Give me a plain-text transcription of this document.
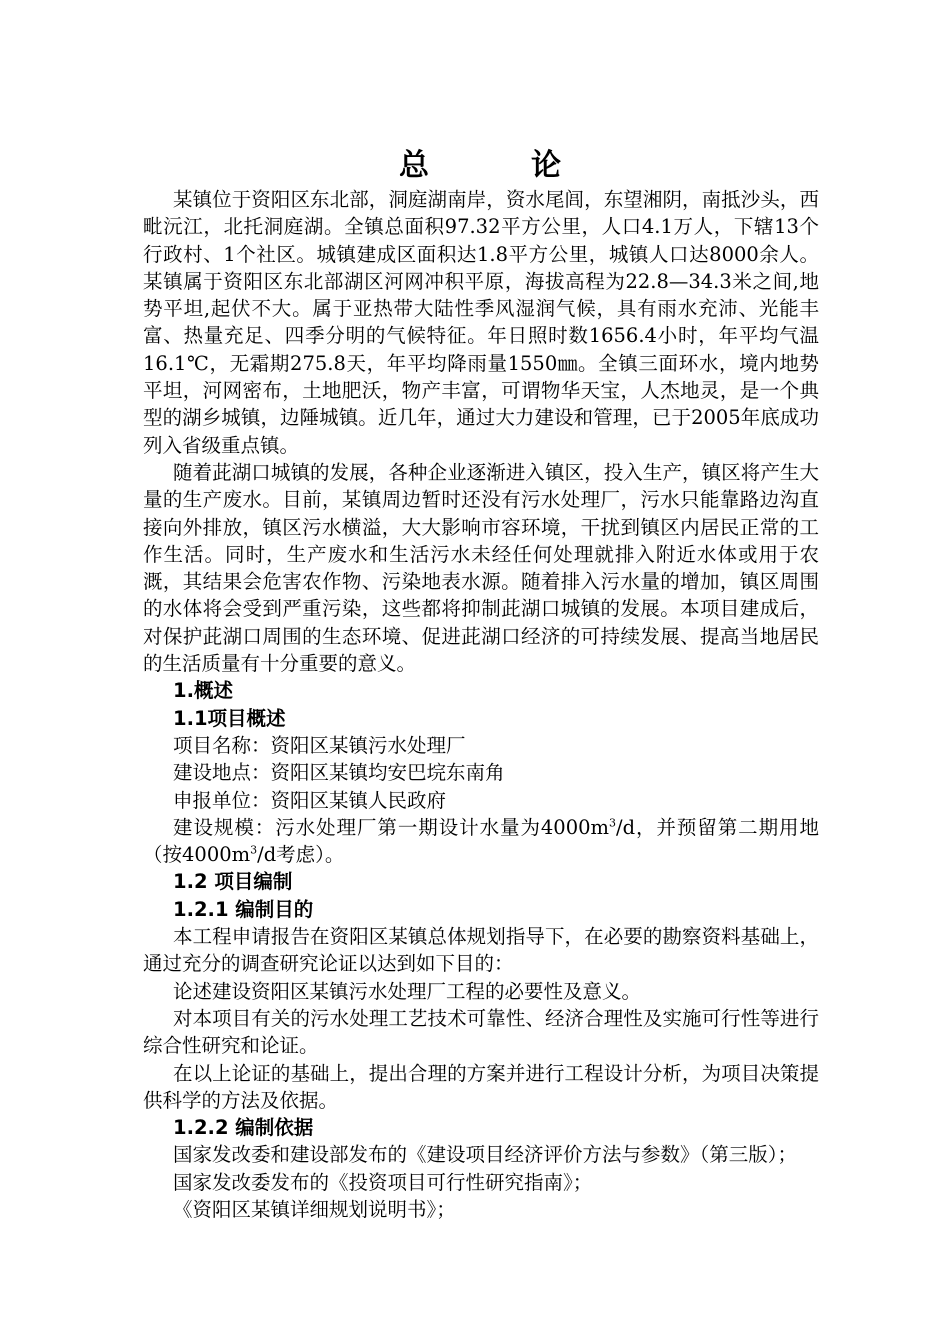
总	论

某镇位于资阳区东北部，洞庭湖南岸，资水尾闾，东望湘阴，南抵沙头，西毗沅江，北托洞庭湖。全镇总面积97.32平方公里，人口4.1万人，下辖13个行政村、1个社区。城镇建成区面积达1.8平方公里，城镇人口达8000余人。某镇属于资阳区东北部湖区河网冲积平原，海拔高程为22.8—34.3米之间,地势平坦,起伏不大。属于亚热带大陆性季风湿润气候，具有雨水充沛、光能丰富、热量充足、四季分明的气候特征。年日照时数1656.4小时，年平均气温16.1℃，无霜期275.8天，年平均降雨量1550㎜。全镇三面环水，境内地势平坦，河网密布，土地肥沃，物产丰富，可谓物华天宝，人杰地灵，是一个典型的湖乡城镇，边陲城镇。近几年，通过大力建设和管理，已于2005年底成功列入省级重点镇。

随着茈湖口城镇的发展，各种企业逐渐进入镇区，投入生产，镇区将产生大量的生产废水。目前，某镇周边暂时还没有污水处理厂，污水只能靠路边沟直接向外排放，镇区污水横溢，大大影响市容环境，干扰到镇区内居民正常的工作生活。同时，生产废水和生活污水未经任何处理就排入附近水体或用于农溉，其结果会危害农作物、污染地表水源。随着排入污水量的增加，镇区周围的水体将会受到严重污染，这些都将抑制茈湖口城镇的发展。本项目建成后，对保护茈湖口周围的生态环境、促进茈湖口经济的可持续发展、提高当地居民的生活质量有十分重要的意义。

1.概述

1.1项目概述

项目名称：资阳区某镇污水处理厂

建设地点：资阳区某镇均安巴垸东南角

申报单位：资阳区某镇人民政府

建设规模：污水处理厂第一期设计水量为$4000m^3/d$，并预留第二期用地（按$4000m^3/d$考虑）。

1.2 项目编制

1.2.1 编制目的

本工程申请报告在资阳区某镇总体规划指导下，在必要的勘察资料基础上，通过充分的调查研究论证以达到如下目的：

论述建设资阳区某镇污水处理厂工程的必要性及意义。

对本项目有关的污水处理工艺技术可靠性、经济合理性及实施可行性等进行综合性研究和论证。

在以上论证的基础上，提出合理的方案并进行工程设计分析，为项目决策提供科学的方法及依据。

1.2.2 编制依据

国家发改委和建设部发布的《建设项目经济评价方法与参数》（第三版）；

国家发改委发布的《投资项目可行性研究指南》；

《资阳区某镇详细规划说明书》；
